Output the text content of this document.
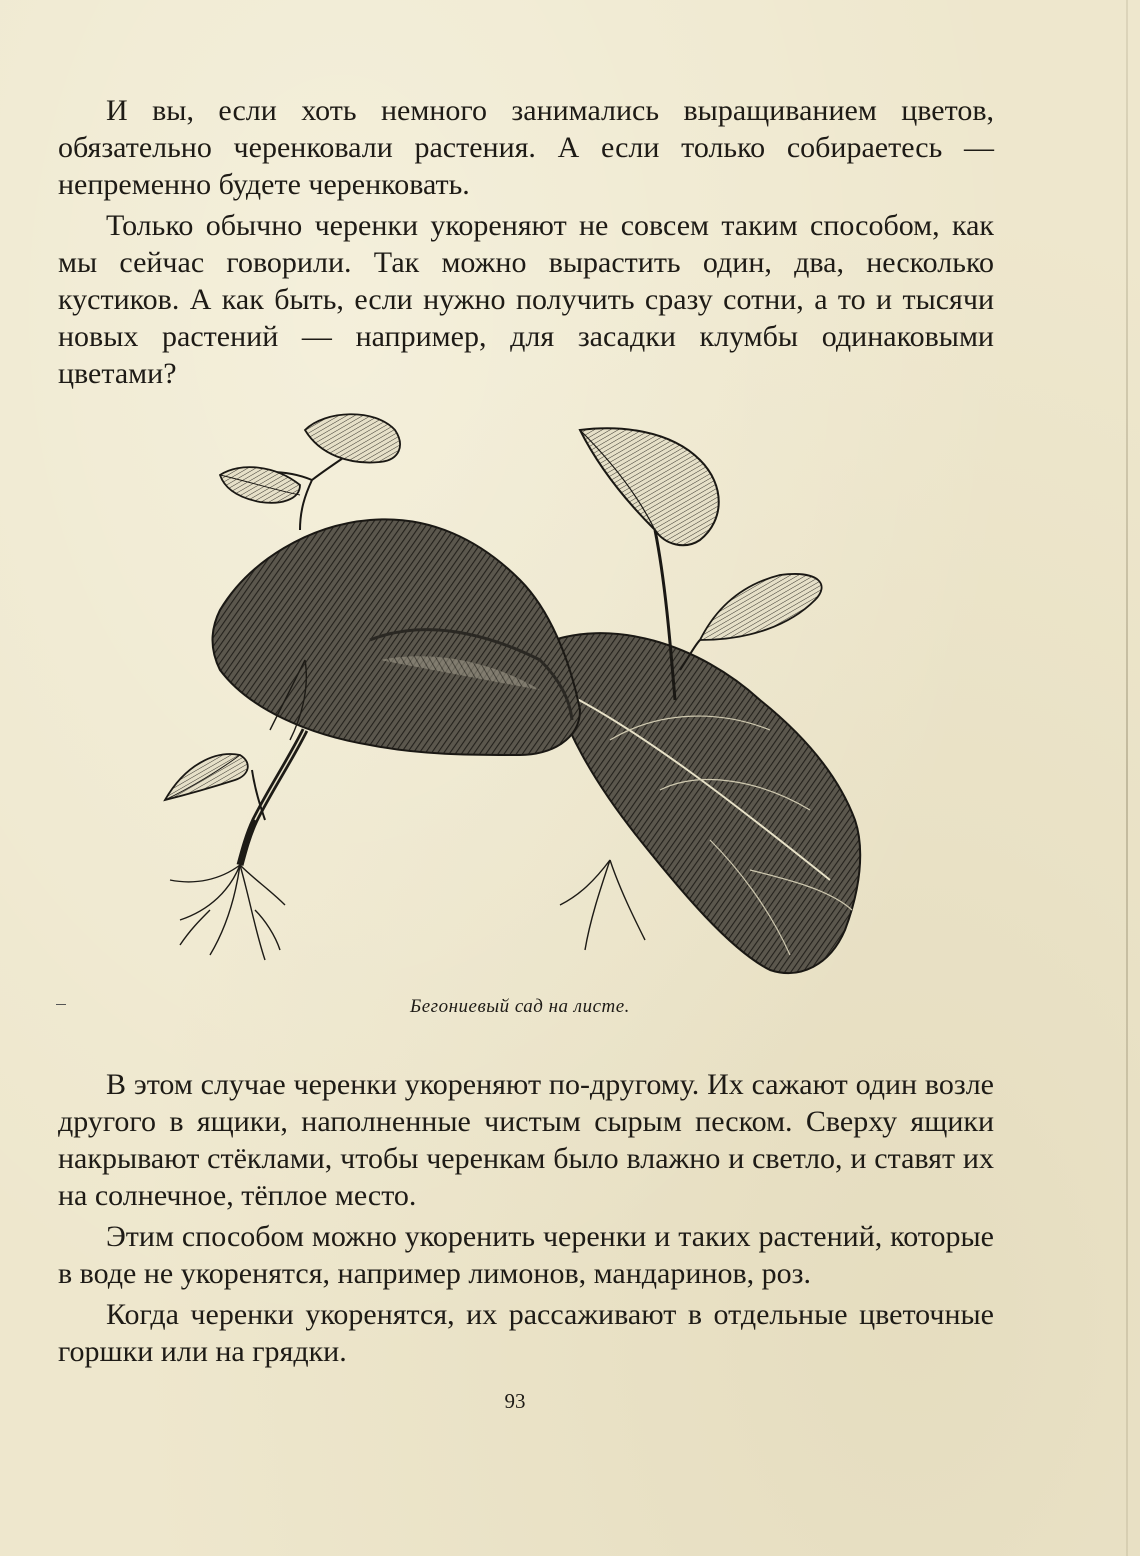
И вы, если хоть немного занимались выращиванием цветов, обязательно черенковали растения. А если только собираетесь — непременно будете черенковать.

Только обычно черенки укореняют не совсем таким способом, как мы сейчас говорили. Так можно вырастить один, два, несколько кустиков. А как быть, если нужно получить сразу сотни, а то и тысячи новых растений — например, для засадки клумбы одинаковыми цветами?

Бегониевый сад на листе.

В этом случае черенки укореняют по-другому. Их сажают один возле другого в ящики, наполненные чистым сырым песком. Сверху ящики накрывают стёклами, чтобы черенкам было влажно и светло, и ставят их на солнечное, тёплое место.

Этим способом можно укоренить черенки и таких растений, которые в воде не укоренятся, например лимонов, мандаринов, роз.

Когда черенки укоренятся, их рассаживают в отдельные цветочные горшки или на грядки.

93
